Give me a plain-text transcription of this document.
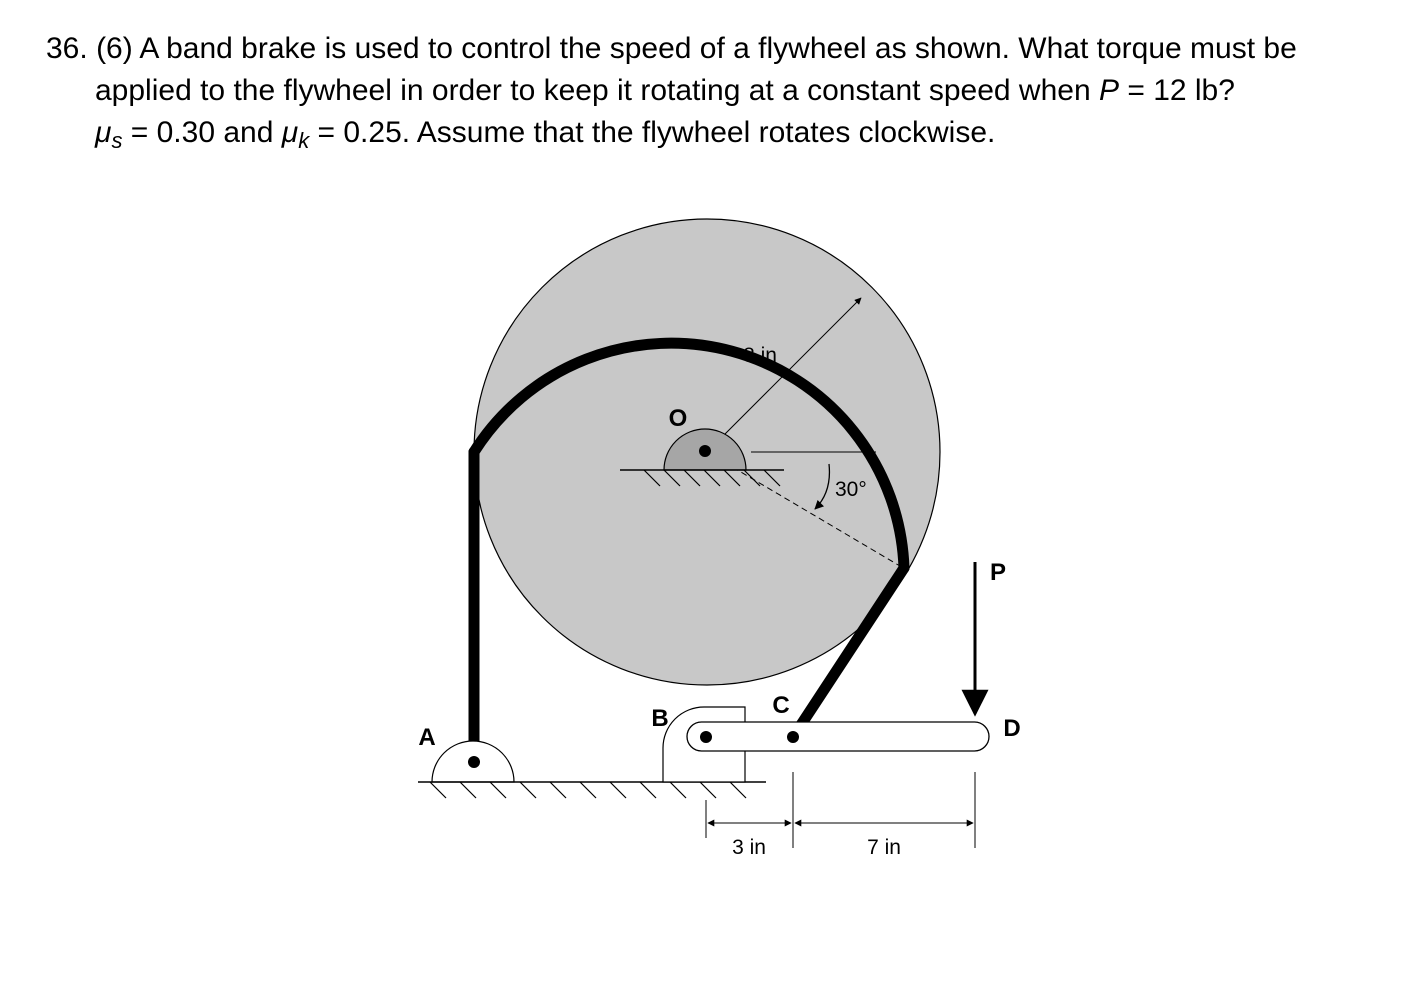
36. (6) A band brake is used to control the speed of a flywheel as shown. What torque must be
applied to the flywheel in order to keep it rotating at a constant speed when P = 12 lb?
$\mu_s = 0.30$ and $\mu_k = 0.25$. Assume that the flywheel rotates clockwise.
8 in
30°
O
A
B	C
D
P
3 in	7 in
